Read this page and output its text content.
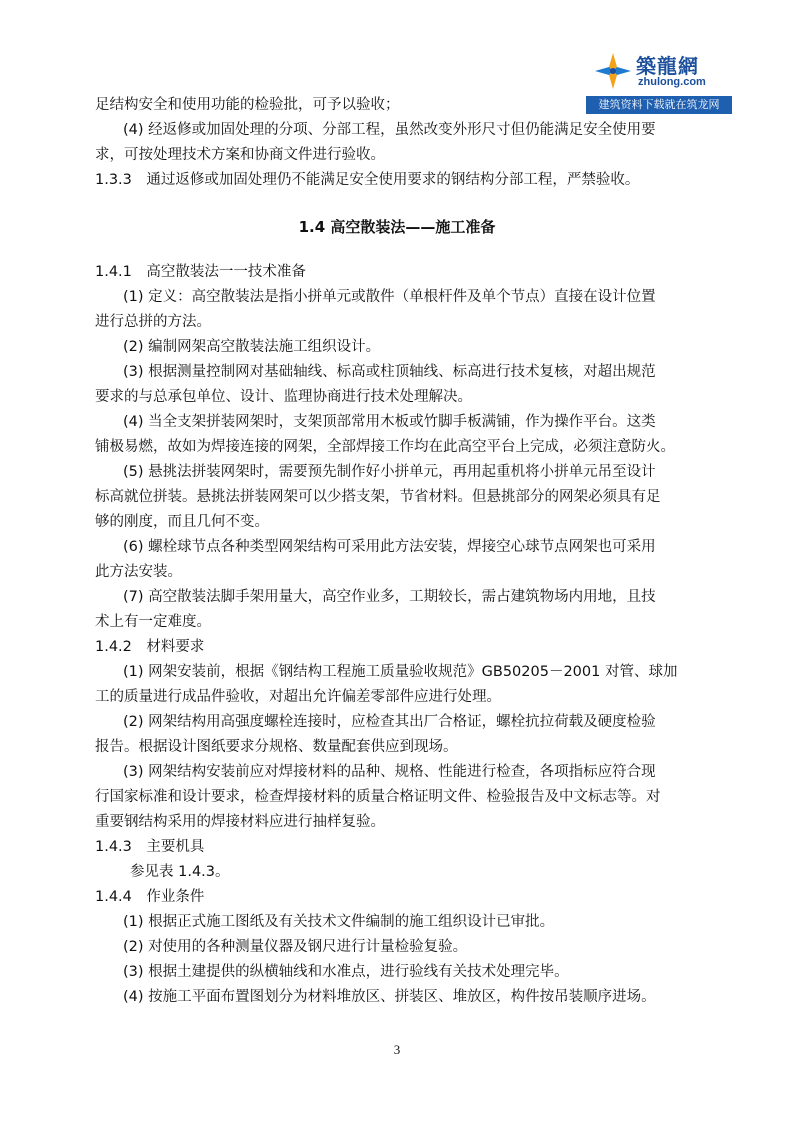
築龍網
zhulong.com
建筑资料下载就在筑龙网
足结构安全和使用功能的检验批，可予以验收；
(4) 经返修或加固处理的分项、分部工程，虽然改变外形尺寸但仍能满足安全使用要
求，可按处理技术方案和协商文件进行验收。
1.3.3　通过返修或加固处理仍不能满足安全使用要求的钢结构分部工程，严禁验收。
1.4 高空散装法——施工准备
1.4.1　高空散装法一一技术准备
(1) 定义：高空散装法是指小拼单元或散件（单根杆件及单个节点）直接在设计位置
进行总拼的方法。
(2) 编制网架高空散装法施工组织设计。
(3) 根据测量控制网对基础轴线、标高或柱顶轴线、标高进行技术复核，对超出规范
要求的与总承包单位、设计、监理协商进行技术处理解决。
(4) 当全支架拼装网架时，支架顶部常用木板或竹脚手板满铺，作为操作平台。这类
铺极易燃，故如为焊接连接的网架，全部焊接工作均在此高空平台上完成，必须注意防火。
(5) 悬挑法拼装网架时，需要预先制作好小拼单元，再用起重机将小拼单元吊至设计
标高就位拼装。悬挑法拼装网架可以少搭支架，节省材料。但悬挑部分的网架必须具有足
够的刚度，而且几何不变。
(6) 螺栓球节点各种类型网架结构可采用此方法安装，焊接空心球节点网架也可采用
此方法安装。
(7) 高空散装法脚手架用量大，高空作业多，工期较长，需占建筑物场内用地，且技
术上有一定难度。
1.4.2　材料要求
(1) 网架安装前，根据《钢结构工程施工质量验收规范》GB50205－2001 对管、球加
工的质量进行成品件验收，对超出允许偏差零部件应进行处理。
(2) 网架结构用高强度螺栓连接时，应检查其出厂合格证，螺栓抗拉荷载及硬度检验
报告。根据设计图纸要求分规格、数量配套供应到现场。
(3) 网架结构安装前应对焊接材料的品种、规格、性能进行检查，各项指标应符合现
行国家标准和设计要求，检查焊接材料的质量合格证明文件、检验报告及中文标志等。对
重要钢结构采用的焊接材料应进行抽样复验。
1.4.3　主要机具
参见表 1.4.3。
1.4.4　作业条件
(1) 根据正式施工图纸及有关技术文件编制的施工组织设计已审批。
(2) 对使用的各种测量仪器及钢尺进行计量检验复验。
(3) 根据土建提供的纵横轴线和水准点，进行验线有关技术处理完毕。
(4) 按施工平面布置图划分为材料堆放区、拼装区、堆放区，构件按吊装顺序进场。
3
